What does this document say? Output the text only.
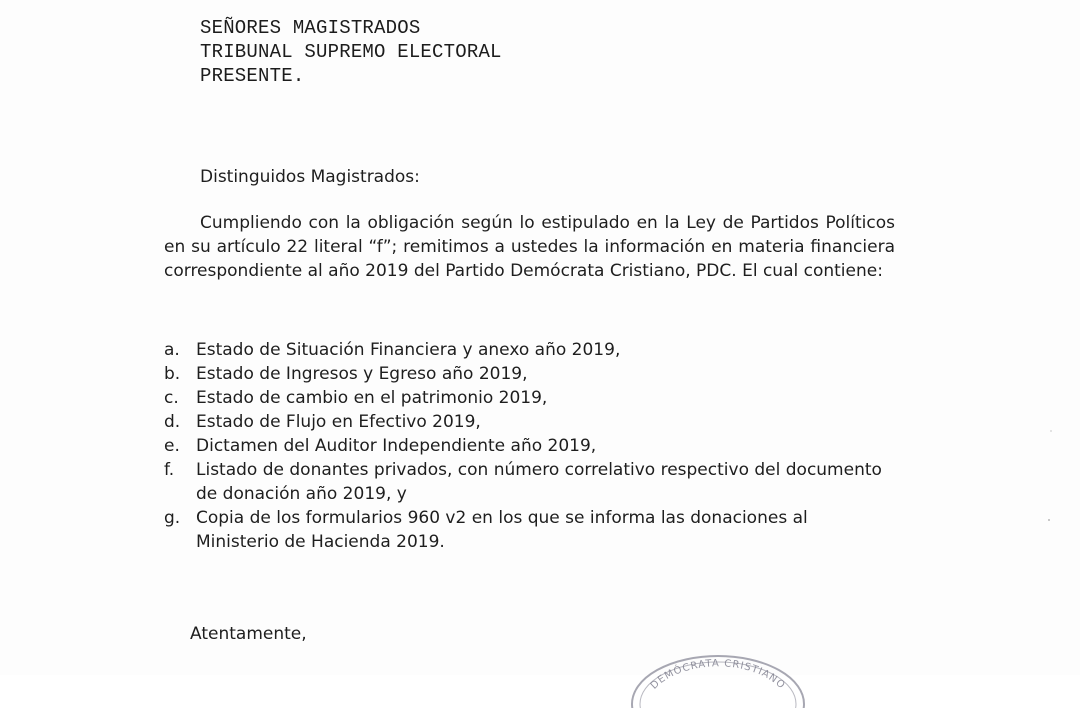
SEÑORES MAGISTRADOS
TRIBUNAL SUPREMO ELECTORAL
PRESENTE.
Distinguidos Magistrados:

Cumpliendo con la obligación según lo estipulado en la Ley de Partidos Políticos en su artículo 22 literal “f”; remitimos a ustedes la información en materia financiera correspondiente al año 2019 del Partido Demócrata Cristiano, PDC. El cual contiene:

a. Estado de Situación Financiera y anexo año 2019,
b. Estado de Ingresos y Egreso año 2019,
c.	Estado de cambio en el patrimonio 2019,
d. Estado de Flujo en Efectivo 2019,
e. Dictamen del Auditor Independiente año 2019,
f.	Listado de donantes privados, con número correlativo respectivo del documento de donación año 2019, y
g. Copia de los formularios 960 v2 en los que se informa las donaciones al Ministerio de Hacienda 2019.
Atentamente,
DEMÓCRATA CRISTIANO
